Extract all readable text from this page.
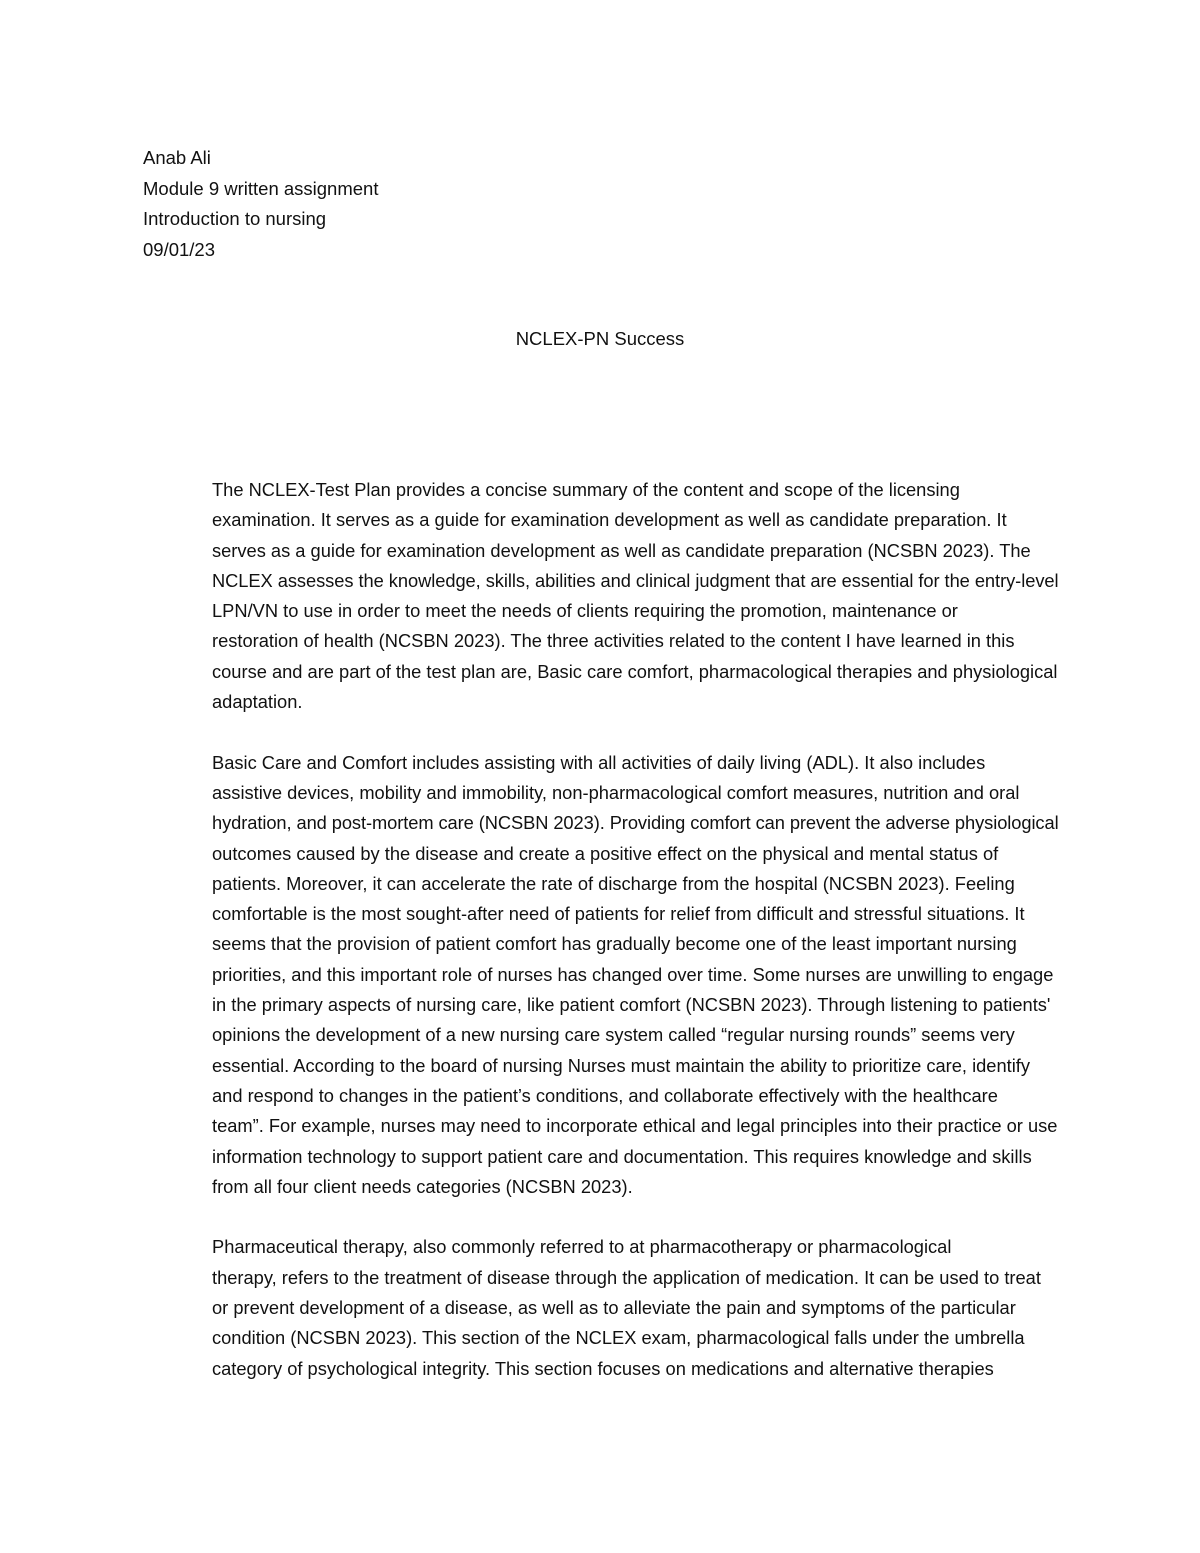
Anab Ali
Module 9 written assignment
Introduction to nursing
09/01/23
NCLEX-PN Success

The NCLEX-Test Plan provides a concise summary of the content and scope of the licensing
examination. It serves as a guide for examination development as well as candidate preparation. It
serves as a guide for examination development as well as candidate preparation (NCSBN 2023). The
NCLEX assesses the knowledge, skills, abilities and clinical judgment that are essential for the entry-level
LPN/VN to use in order to meet the needs of clients requiring the promotion, maintenance or
restoration of health (NCSBN 2023). The three activities related to the content I have learned in this
course and are part of the test plan are, Basic care comfort, pharmacological therapies and physiological
adaptation.

Basic Care and Comfort includes assisting with all activities of daily living (ADL). It also includes
assistive devices, mobility and immobility, non-pharmacological comfort measures, nutrition and oral
hydration, and post-mortem care (NCSBN 2023). Providing comfort can prevent the adverse physiological
outcomes caused by the disease and create a positive effect on the physical and mental status of
patients. Moreover, it can accelerate the rate of discharge from the hospital (NCSBN 2023). Feeling
comfortable is the most sought-after need of patients for relief from difficult and stressful situations. It
seems that the provision of patient comfort has gradually become one of the least important nursing
priorities, and this important role of nurses has changed over time. Some nurses are unwilling to engage
in the primary aspects of nursing care, like patient comfort (NCSBN 2023). Through listening to patients'
opinions the development of a new nursing care system called “regular nursing rounds” seems very
essential. According to the board of nursing Nurses must maintain the ability to prioritize care, identify
and respond to changes in the patient’s conditions, and collaborate effectively with the healthcare
team”. For example, nurses may need to incorporate ethical and legal principles into their practice or use
information technology to support patient care and documentation. This requires knowledge and skills
from all four client needs categories (NCSBN 2023).

Pharmaceutical therapy, also commonly referred to at pharmacotherapy or pharmacological
therapy, refers to the treatment of disease through the application of medication. It can be used to treat
or prevent development of a disease, as well as to alleviate the pain and symptoms of the particular
condition (NCSBN 2023). This section of the NCLEX exam, pharmacological falls under the umbrella
category of psychological integrity. This section focuses on medications and alternative therapies
